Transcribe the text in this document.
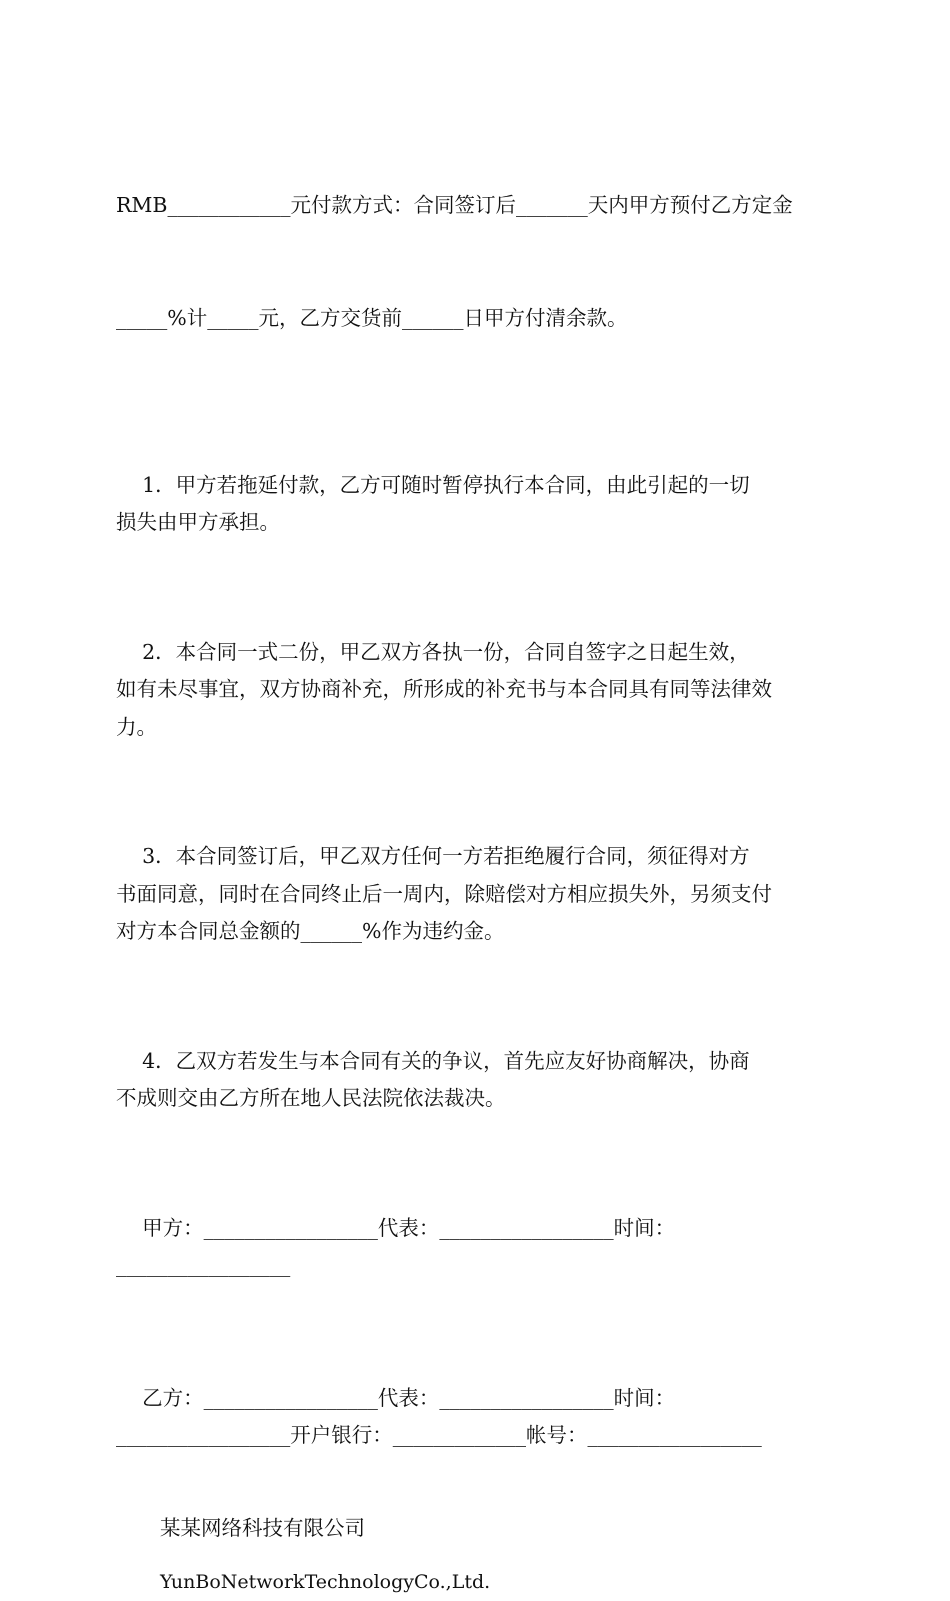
RMB____________元付款方式：合同签订后_______天内甲方预付乙方定金

_____%计_____元，乙方交货前______日甲方付清余款。

1．甲方若拖延付款，乙方可随时暂停执行本合同，由此引起的一切
损失由甲方承担。

2．本合同一式二份，甲乙双方各执一份，合同自签字之日起生效，
如有未尽事宜，双方协商补充，所形成的补充书与本合同具有同等法律效
力。

3．本合同签订后，甲乙双方任何一方若拒绝履行合同，须征得对方
书面同意，同时在合同终止后一周内，除赔偿对方相应损失外，另须支付
对方本合同总金额的______%作为违约金。

4．乙双方若发生与本合同有关的争议，首先应友好协商解决，协商
不成则交由乙方所在地人民法院依法裁决。

甲方：_________________代表：_________________时间：
_________________

乙方：_________________代表：_________________时间：
_________________开户银行：_____________帐号：_________________

某某网络科技有限公司
YunBoNetworkTechnologyCo.,Ltd.
